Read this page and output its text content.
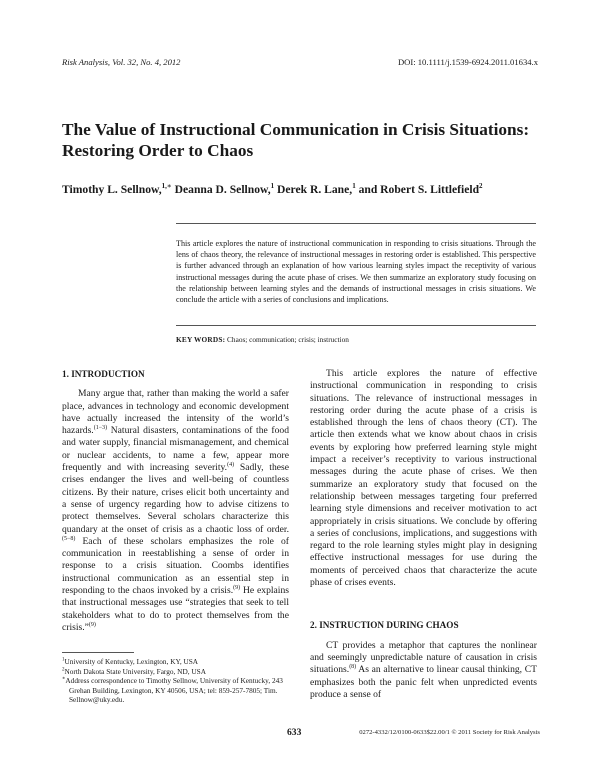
Risk Analysis, Vol. 32, No. 4, 2012	DOI: 10.1111/j.1539-6924.2011.01634.x
The Value of Instructional Communication in Crisis Situations: Restoring Order to Chaos
Timothy L. Sellnow,$^{1,∗}$ Deanna D. Sellnow,$^1$ Derek R. Lane,$^1$ and Robert S. Littlefield$^2$

This article explores the nature of instructional communication in responding to crisis situations. Through the lens of chaos theory, the relevance of instructional messages in restoring order is established. This perspective is further advanced through an explanation of how various learning styles impact the receptivity of various instructional messages during the acute phase of crises. We then summarize an exploratory study focusing on the relationship between learning styles and the demands of instructional messages in crisis situations. We conclude the article with a series of conclusions and implications.

KEY WORDS: Chaos; communication; crisis; instruction
1. INTRODUCTION

Many argue that, rather than making the world a safer place, advances in technology and economic development have actually increased the intensity of the world’s hazards.$^{(1-3)}$ Natural disasters, contaminations of the food and water supply, financial mismanagement, and chemical or nuclear accidents, to name a few, appear more frequently and with increasing severity.$^{(4)}$ Sadly, these crises endanger the lives and well-being of countless citizens. By their nature, crises elicit both uncertainty and a sense of urgency regarding how to advise citizens to protect themselves. Several scholars characterize this quandary at the onset of crisis as a chaotic loss of order.$^{(5-8)}$ Each of these scholars emphasizes the role of communication in reestablishing a sense of order in response to a crisis situation. Coombs identifies instructional communication as an essential step in responding to the chaos invoked by a crisis.$^{(9)}$ He explains that instructional messages use “strategies that seek to tell stakeholders what to do to protect themselves from the crisis.”$^{(9)}$

This article explores the nature of effective instructional communication in responding to crisis situations. The relevance of instructional messages in restoring order during the acute phase of a crisis is established through the lens of chaos theory (CT). The article then extends what we know about chaos in crisis events by exploring how preferred learning style might impact a receiver’s receptivity to various instructional messages during the acute phase of crises. We then summarize an exploratory study that focused on the relationship between messages targeting four preferred learning style dimensions and receiver motivation to act appropriately in crisis situations. We conclude by offering a series of conclusions, implications, and suggestions with regard to the role learning styles might play in designing effective instructional messages for use during the moments of perceived chaos that characterize the acute phase of crises events.

2. INSTRUCTION DURING CHAOS

CT provides a metaphor that captures the nonlinear and seemingly unpredictable nature of causation in crisis situations.$^{(8)}$ As an alternative to linear causal thinking, CT emphasizes both the panic felt when unpredicted events produce a sense of

$^1$University of Kentucky, Lexington, KY, USA

$^2$North Dakota State University, Fargo, ND, USA

∗Address correspondence to Timothy Sellnow, University of Kentucky, 243 Grehan Building, Lexington, KY 40506, USA; tel: 859-257-7805; Tim. Sellnow@uky.edu.

633	0272-4332/12/0100-0633$22.00/1 © 2011 Society for Risk Analysis
